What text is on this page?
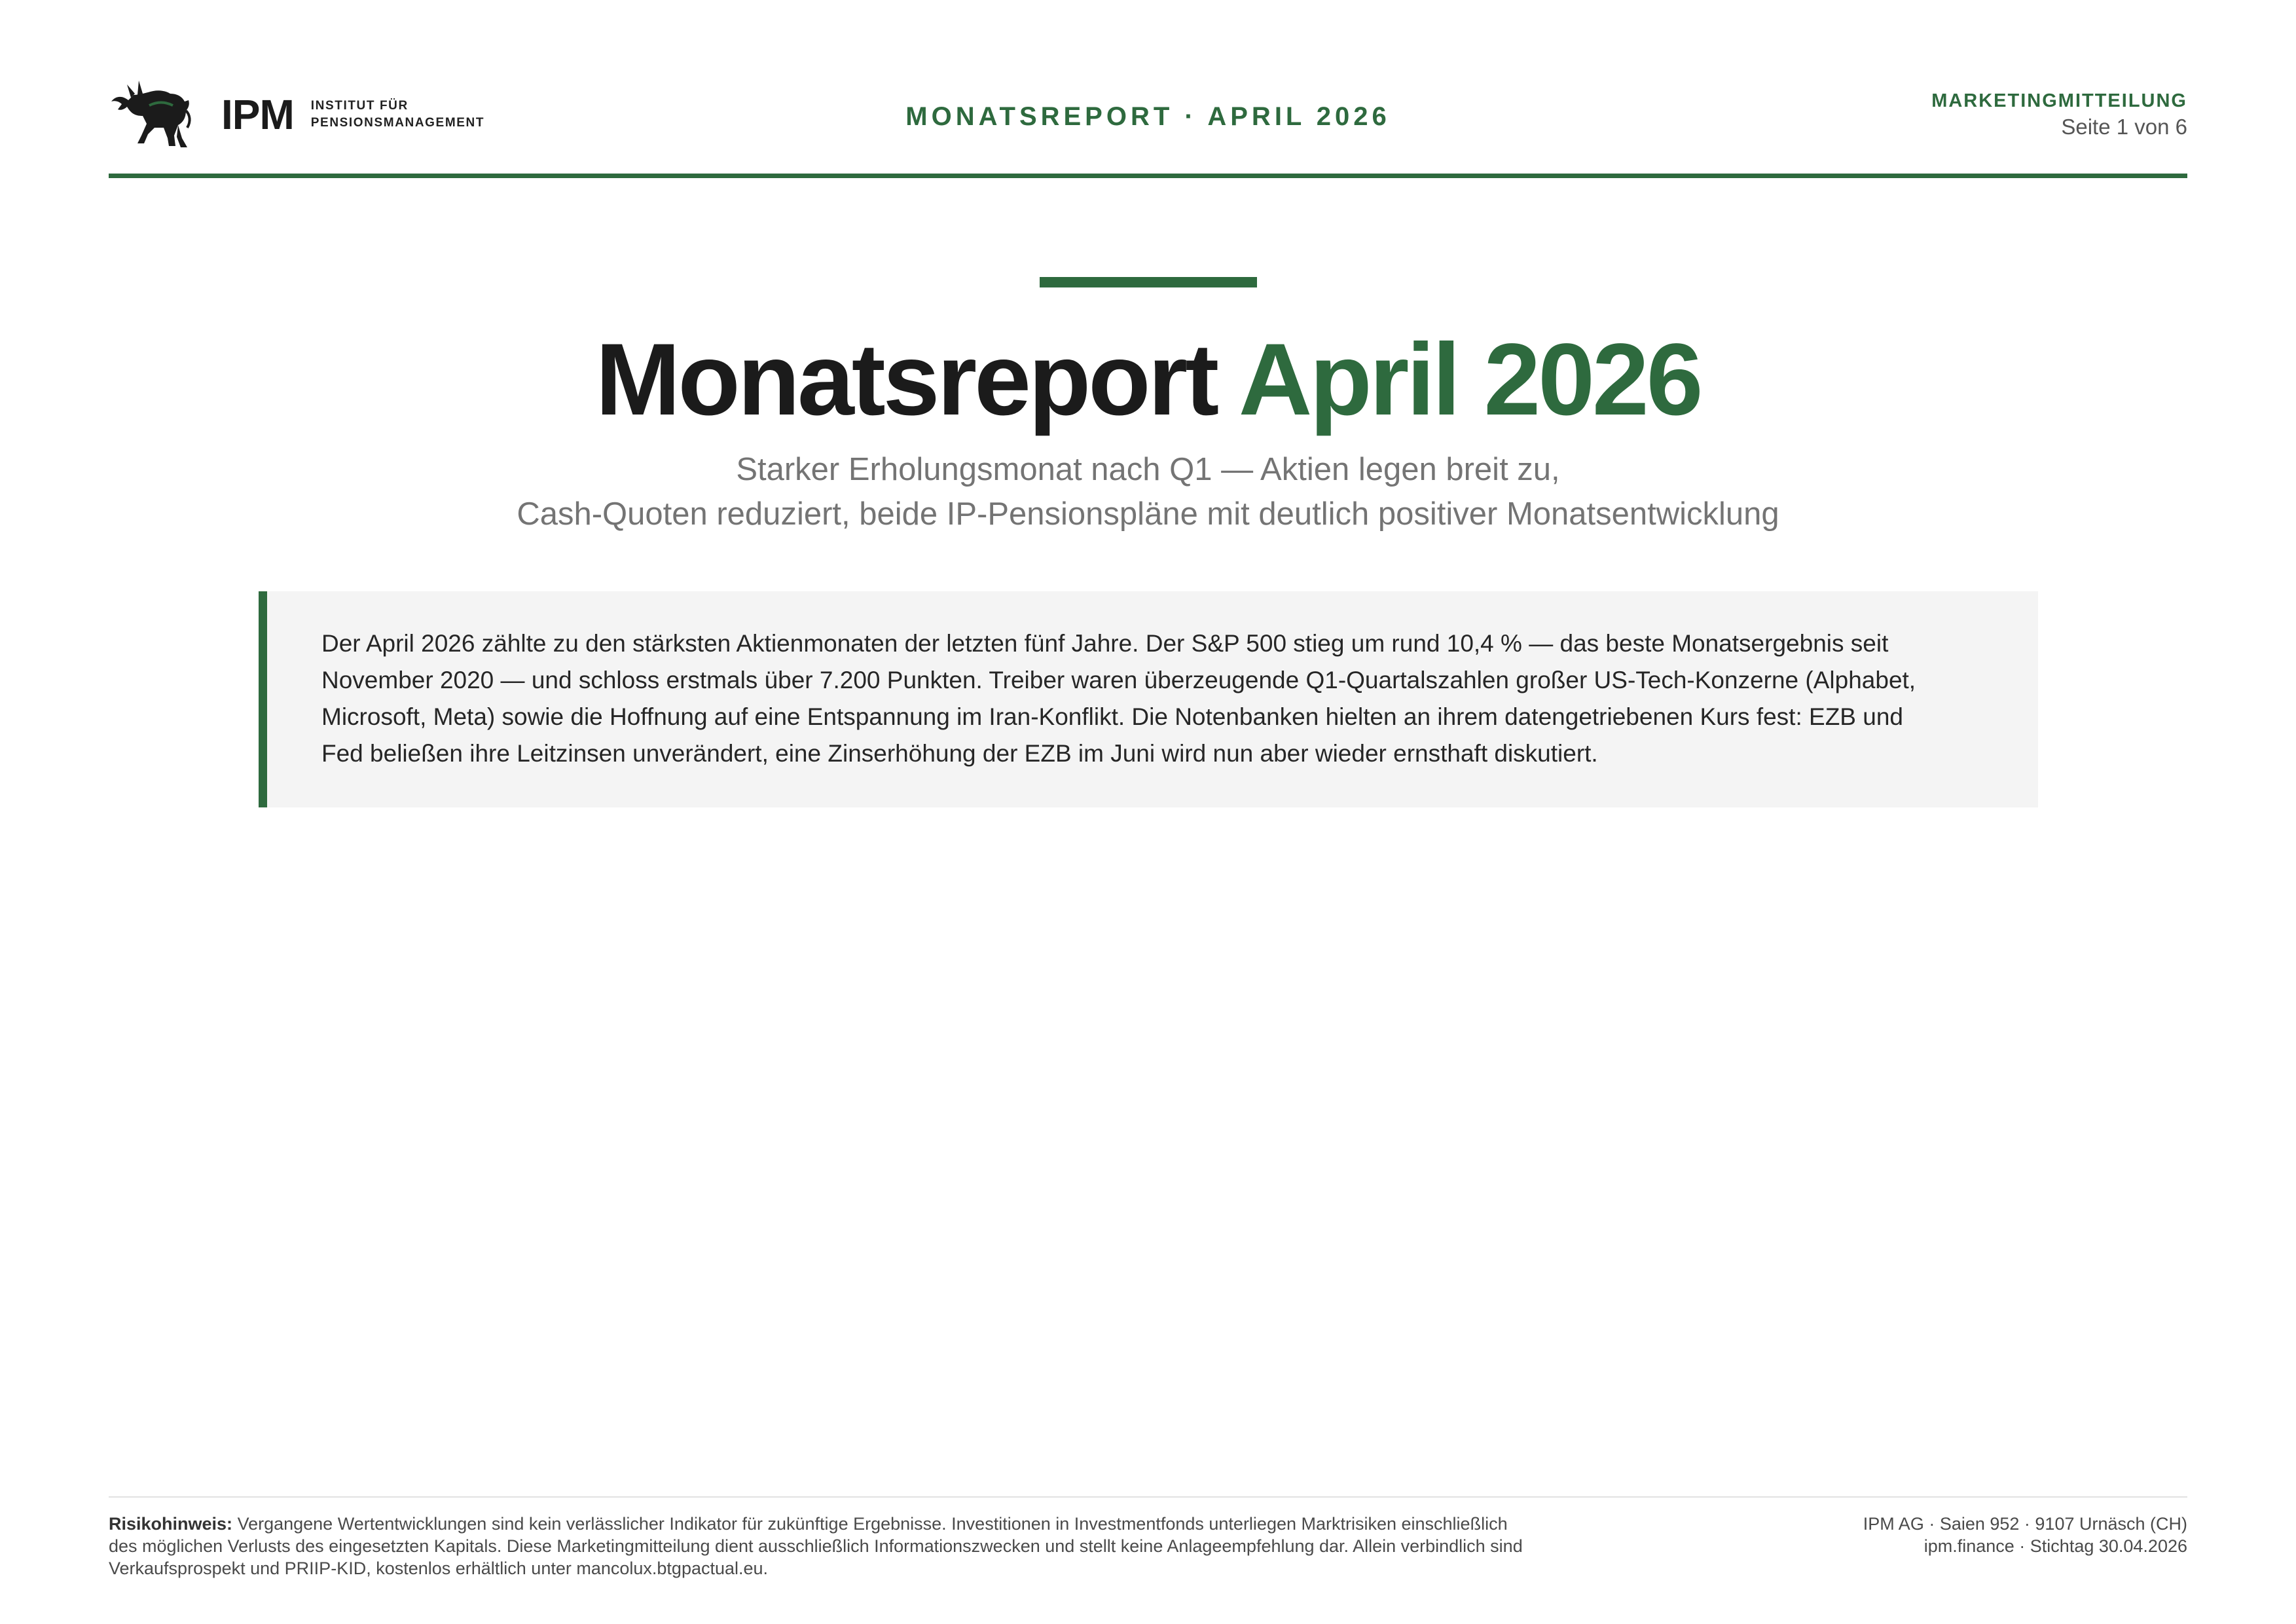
IPM INSTITUT FÜR
PENSIONSMANAGEMENT	MONATSREPORT · APRIL 2026
MARKETINGMITTEILUNG
Seite 1 von 6
Monatsreport April 2026
Starker Erholungsmonat nach Q1 — Aktien legen breit zu,
Cash-Quoten reduziert, beide IP-Pensionspläne mit deutlich positiver Monatsentwicklung
Der April 2026 zählte zu den stärksten Aktienmonaten der letzten fünf Jahre. Der S&P 500 stieg um rund 10,4 % — das beste Monatsergebnis seit
November 2020 — und schloss erstmals über 7.200 Punkten. Treiber waren überzeugende Q1-Quartalszahlen großer US-Tech-Konzerne (Alphabet,
Microsoft, Meta) sowie die Hoffnung auf eine Entspannung im Iran-Konflikt. Die Notenbanken hielten an ihrem datengetriebenen Kurs fest: EZB und
Fed beließen ihre Leitzinsen unverändert, eine Zinserhöhung der EZB im Juni wird nun aber wieder ernsthaft diskutiert.
Risikohinweis: Vergangene Wertentwicklungen sind kein verlässlicher Indikator für zukünftige Ergebnisse. Investitionen in Investmentfonds unterliegen Marktrisiken einschließlich
des möglichen Verlusts des eingesetzten Kapitals. Diese Marketingmitteilung dient ausschließlich Informationszwecken und stellt keine Anlageempfehlung dar. Allein verbindlich sind
Verkaufsprospekt und PRIIP-KID, kostenlos erhältlich unter mancolux.btgpactual.eu.
IPM AG · Saien 952 · 9107 Urnäsch (CH)
ipm.finance · Stichtag 30.04.2026
